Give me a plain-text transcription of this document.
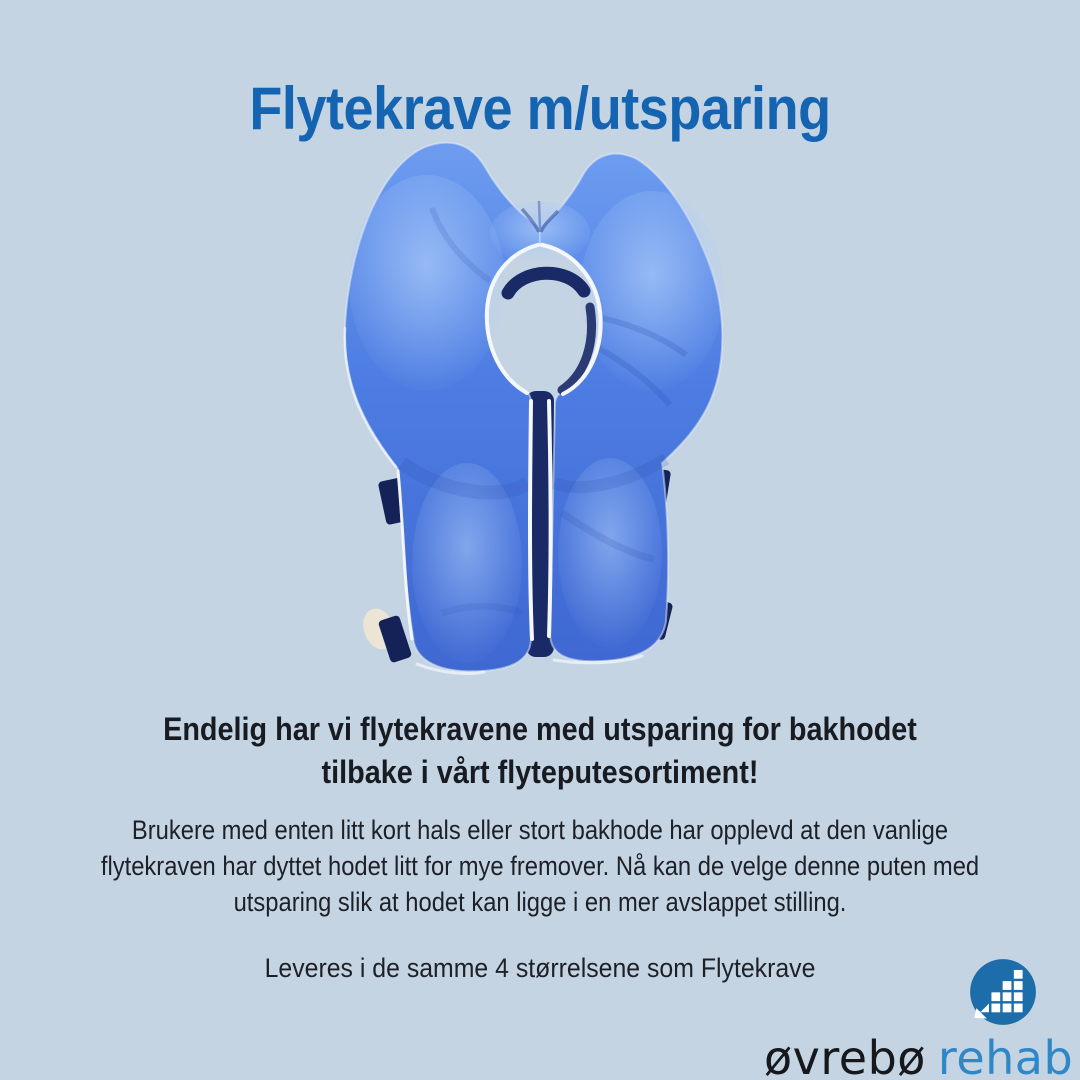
Flytekrave m/utsparing
Endelig har vi flytekravene med utsparing for bakhodet
tilbake i vårt flyteputesortiment!
Brukere med enten litt kort hals eller stort bakhode har opplevd at den vanlige
flytekraven har dyttet hodet litt for mye fremover. Nå kan de velge denne puten med
utsparing slik at hodet kan ligge i en mer avslappet stilling.
Leveres i de samme 4 størrelsene som Flytekrave
øvrebø rehab
